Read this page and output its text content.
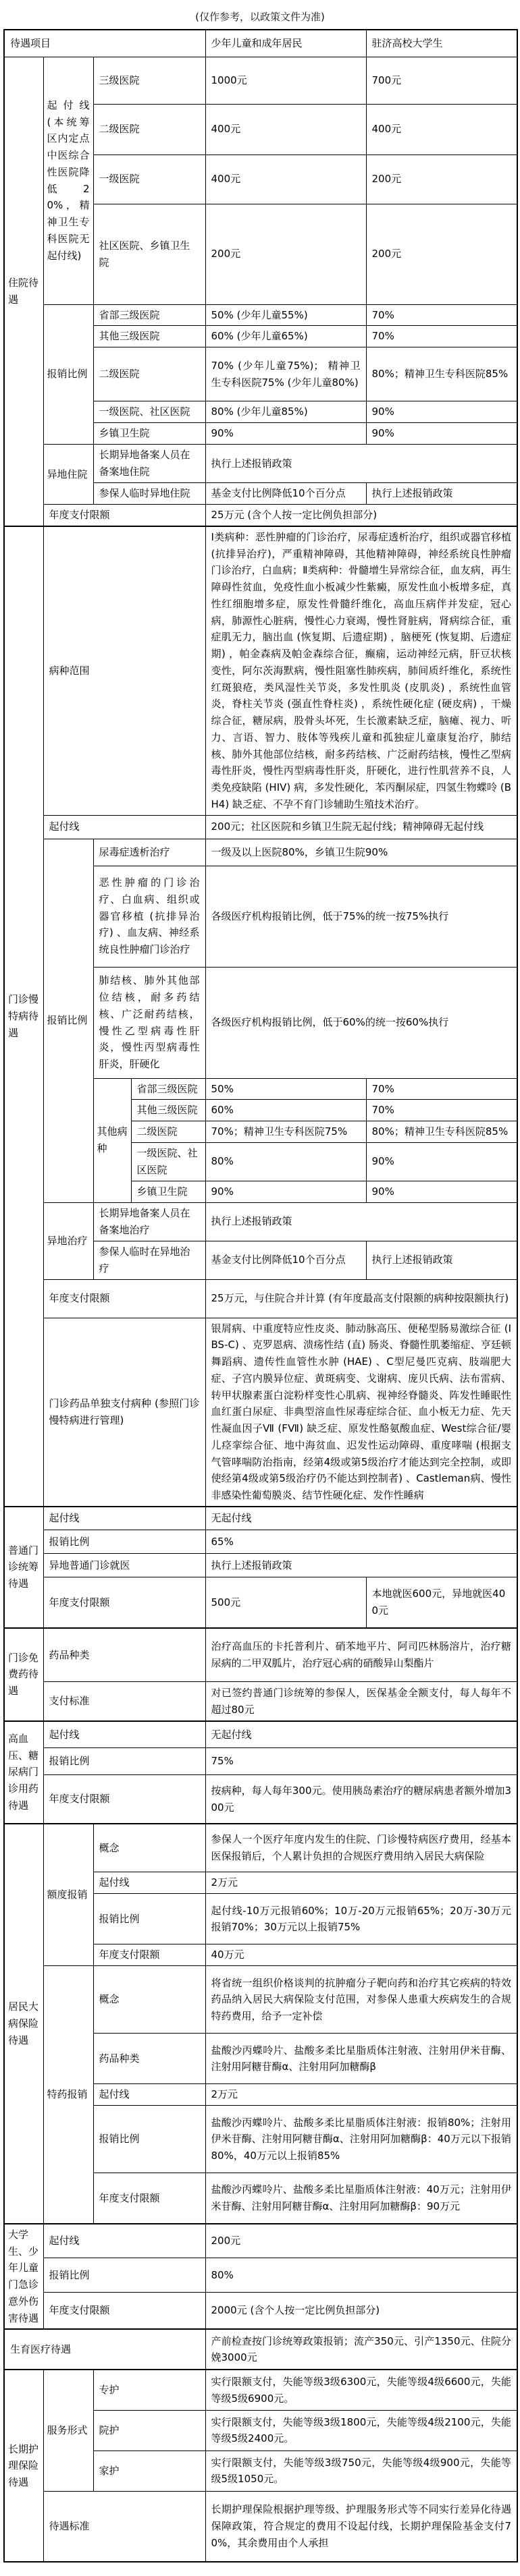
(仅作参考，以政策文件为准)
待遇项目				少年儿童和成年居民	驻济高校大学生
住院待遇	起付线 (本统筹区内定点中医综合性医院降低20%，精神卫生专科医院无起付线)	三级医院		1000元	700元
		二级医院		400元	400元
		一级医院		400元	200元
		社区医院、乡镇卫生院		200元	200元
	报销比例	省部三级医院		50% (少年儿童55%)	70%
		其他三级医院		60% (少年儿童65%)	70%
		二级医院		70% (少年儿童75%)； 精神卫生专科医院75% (少年儿童80%)	80%；精神卫生专科医院85%
		一级医院、社区医院		80% (少年儿童85%)	90%
		乡镇卫生院		90%	90%
	异地住院	长期异地备案人员在备案地住院		执行上述报销政策	
		参保人临时异地住院		基金支付比例降低10个百分点	执行上述报销政策
	年度支付限额			25万元 (含个人按一定比例负担部分)	
门诊慢特病待遇	病种范围			Ⅰ类病种：恶性肿瘤的门诊治疗，尿毒症透析治疗，组织或器官移植(抗排异治疗)，严重精神障碍，其他精神障碍，神经系统良性肿瘤门诊治疗，白血病；Ⅱ类病种：骨髓增生异常综合征，血友病，再生障碍性贫血，免疫性血小板减少性紫癜，原发性血小板增多症，真性红细胞增多症，原发性骨髓纤维化，高血压病伴并发症，冠心病，肺源性心脏病，慢性心力衰竭，慢性肾脏病，肾病综合征，重症肌无力，脑出血 (恢复期、后遗症期) ，脑梗死 (恢复期、后遗症期) ，帕金森病及帕金森综合征，癫痫，运动神经元病，肝豆状核变性，阿尔茨海默病，慢性阻塞性肺疾病，肺间质纤维化，系统性红斑狼疮，类风湿性关节炎，多发性肌炎 (皮肌炎) ，系统性血管炎，脊柱关节炎 (强直性脊柱炎) ，系统性硬化症 (硬皮病) ，干燥综合征，糖尿病，股骨头坏死，生长激素缺乏症，脑瘫、视力、听力、言语、智力、肢体等残疾儿童和孤独症儿童康复治疗，肺结核、肺外其他部位结核，耐多药结核、广泛耐药结核，慢性乙型病毒性肝炎，慢性丙型病毒性肝炎，肝硬化，进行性肌营养不良，人类免疫缺陷 (HIV) 病，多发性硬化，苯丙酮尿症，四氢生物蝶呤 (BH4) 缺乏症、不孕不育门诊辅助生殖技术治疗。	
	起付线			200元；社区医院和乡镇卫生院无起付线；精神障碍无起付线	
	报销比例	尿毒症透析治疗		一级及以上医院80%，乡镇卫生院90%	
		恶性肿瘤的门诊治疗、白血病、组织或器官移植 (抗排异治疗) 、血友病、神经系统良性肿瘤门诊治疗		各级医疗机构报销比例，低于75%的统一按75%执行	
		肺结核、肺外其他部位结核，耐多药结核、广泛耐药结核，慢性乙型病毒性肝炎，慢性丙型病毒性肝炎，肝硬化		各级医疗机构报销比例，低于60%的统一按60%执行	
		其他病种	省部三级医院	50%	70%
			其他三级医院	60%	70%
			二级医院	70%；精神卫生专科医院75%	80%；精神卫生专科医院85%
			一级医院、社区医院	80%	90%
			乡镇卫生院	90%	90%
	异地治疗	长期异地备案人员在备案地治疗		执行上述报销政策	
		参保人临时在异地治疗		基金支付比例降低10个百分点	执行上述报销政策
	年度支付限额			25万元，与住院合并计算 (有年度最高支付限额的病种按限额执行)	
	门诊药品单独支付病种 (参照门诊慢特病进行管理)			银屑病、中重度特应性皮炎、肺动脉高压、便秘型肠易激综合征 (IBS-C) 、克罗恩病、溃疡性结 (直) 肠炎、脊髓性肌萎缩症、亨廷顿舞蹈病、遗传性血管性水肿 (HAE) 、C型尼曼匹克病、肢端肥大症、子宫内膜异位症、黄斑病变、戈谢病、庞贝氏病、法布雷病、转甲状腺素蛋白淀粉样变性心肌病、视神经脊髓炎、阵发性睡眠性血红蛋白尿症、非典型溶血性尿毒症综合征、血小板无力症、先天性凝血因子Ⅶ (FⅦ) 缺乏症、原发性酪氨酸血症、West综合征/婴儿痉挛综合征、地中海贫血、迟发性运动障碍、重度哮喘 (根据支气管哮喘防治指南，经第4级或第5级治疗才能达到完全控制，或即使经第4级或第5级治疗仍不能达到控制者) 、Castleman病、慢性非感染性葡萄膜炎、结节性硬化症、发作性睡病	
普通门诊统筹待遇	起付线			无起付线	
	报销比例			65%	
	异地普通门诊就医			执行上述报销政策	
	年度支付限额			500元	本地就医600元，异地就医400元
门诊免费药待遇	药品种类			治疗高血压的卡托普利片、硝苯地平片、阿司匹林肠溶片，治疗糖尿病的二甲双胍片，治疗冠心病的硝酸异山梨酯片	
	支付标准			对已签约普通门诊统筹的参保人，医保基金全额支付，每人每年不超过80元	
高血压、糖尿病门诊用药待遇	起付线			无起付线	
	报销比例			75%	
	年度支付限额			按病种，每人每年300元。使用胰岛素治疗的糖尿病患者额外增加300元	
居民大病保险待遇	额度报销	概念		参保人一个医疗年度内发生的住院、门诊慢特病医疗费用，经基本医保报销后，个人累计负担的合规医疗费用纳入居民大病保险	
		起付线		2万元	
		报销比例		起付线-10万元报销60%；10万-20万元报销65%；20万-30万元报销70%；30万元以上报销75%	
		年度支付限额		40万元	
	特药报销	概念		将省统一组织价格谈判的抗肿瘤分子靶向药和治疗其它疾病的特效药品纳入居民大病保险支付范围，对参保人患重大疾病发生的合规特药费用，给予一定补偿	
		药品种类		盐酸沙丙蝶呤片、盐酸多柔比星脂质体注射液、注射用伊米苷酶、注射用阿糖苷酶α、注射用阿加糖酶β	
		起付线		2万元	
		报销比例		盐酸沙丙蝶呤片、盐酸多柔比星脂质体注射液：报销80%；注射用伊米苷酶、注射用阿糖苷酶α、注射用阿加糖酶β：40万元以下报销80%，40万元以上报销85%	
		年度支付限额		盐酸沙丙蝶呤片、盐酸多柔比星脂质体注射液：40万元；注射用伊米苷酶、注射用阿糖苷酶α、注射用阿加糖酶β：90万元	
大学生、少年儿童门急诊意外伤害待遇	起付线			200元	
	报销比例			80%	
	年度支付限额			2000元 (含个人按一定比例负担部分)	
生育医疗待遇				产前检查按门诊统筹政策报销；流产350元、引产1350元、住院分娩3000元	
长期护理保险待遇	服务形式	专护		实行限额支付，失能等级3级6300元，失能等级4级6600元，失能等级5级6900元。	
		院护		实行限额支付，失能等级3级1800元，失能等级4级2100元，失能等级5级2400元。	
		家护		实行限额支付，失能等级3级750元，失能等级4级900元，失能等级5级1050元。	
	待遇标准			长期护理保险根据护理等级、护理服务形式等不同实行差异化待遇保障政策，符合规定的费用不设起付线，长期护理保险基金支付70%，其余费用由个人承担	
